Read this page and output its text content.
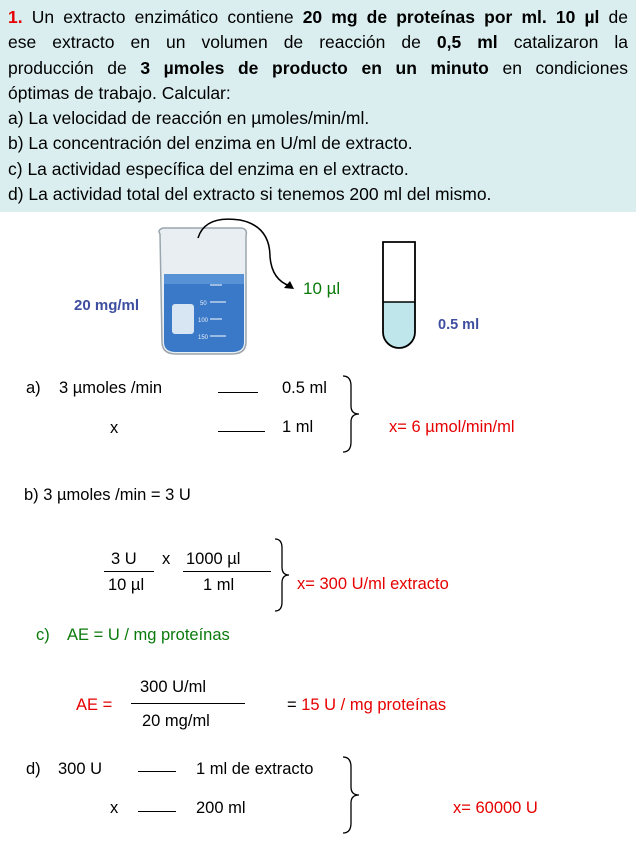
1. Un extracto enzimático contiene 20 mg de proteínas por ml. 10 µl de
ese extracto en un volumen de reacción de 0,5 ml catalizaron la
producción de 3 µmoles de producto en un minuto en condiciones
óptimas de trabajo. Calcular:
a) La velocidad de reacción en µmoles/min/ml.
b) La concentración del enzima en U/ml de extracto.
c) La actividad específica del enzima en el extracto.
d) La actividad total del extracto si tenemos 200 ml del mismo.
50
100
150
20 mg/ml
10 µl
0.5 ml
a) 3 µmoles /min	0.5 ml
x	1 ml	x= 6 µmol/min/ml
b) 3 µmoles /min = 3 U
3 U
10 µl
x 1000 µl
1 ml	x= 300 U/ml extracto
c) AE = U / mg proteínas
AE =
300 U/ml
20 mg/ml
= 15 U / mg proteínas
d) 300 U	1 ml de extracto
x	200 ml	x= 60000 U
